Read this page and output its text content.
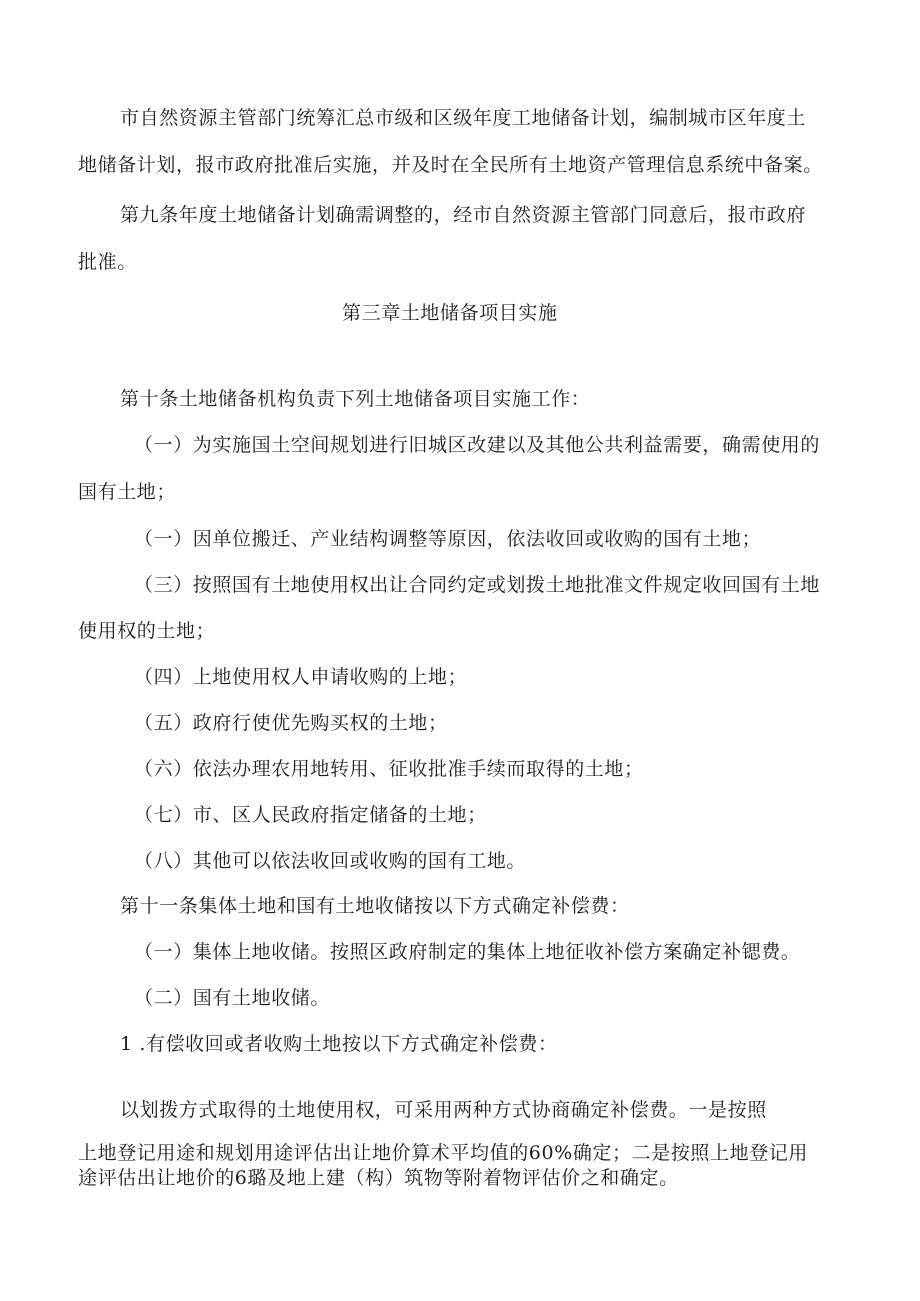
市自然资源主管部门统筹汇总市级和区级年度工地储备计划，编制城市区年度土
地储备计划，报市政府批准后实施，并及时在全民所有土地资产管理信息系统中备案。
第九条年度土地储备计划确需调整的，经市自然资源主管部门同意后，报市政府
批准。
第三章土地储备项目实施
第十条土地储备机构负责下列土地储备项目实施工作：
（一）为实施国土空间规划进行旧城区改建以及其他公共利益需要，确需使用的
国有土地；
（一）因单位搬迁、产业结构调整等原因，依法收回或收购的国有土地；
（三）按照国有土地使用权出让合同约定或划拨土地批准文件规定收回国有土地
使用权的土地；
（四）上地使用权人申请收购的上地；
（五）政府行使优先购买权的土地；
（六）依法办理农用地转用、征收批准手续而取得的土地；
（七）市、区人民政府指定储备的土地；
（八）其他可以依法收回或收购的国有工地。
第十一条集体土地和国有土地收储按以下方式确定补偿费：
（一）集体上地收储。按照区政府制定的集体上地征收补偿方案确定补锶费。
（二）国有土地收储。
1 .有偿收回或者收购土地按以下方式确定补偿费：
以划拨方式取得的土地使用权，可采用两种方式协商确定补偿费。一是按照
上地登记用途和规划用途评估出让地价算术平均值的60%确定；二是按照上地登记用
途评估出让地价的6璐及地上建（构）筑物等附着物评估价之和确定。
